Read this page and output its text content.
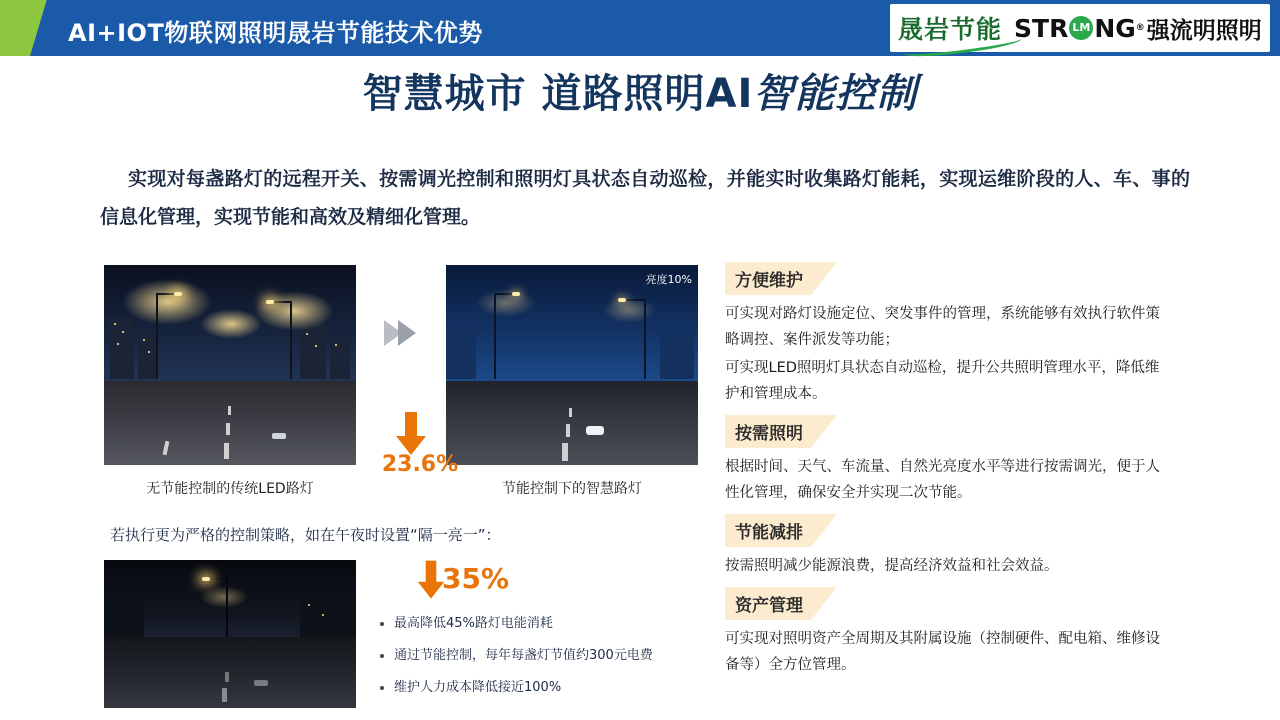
AI+IOT物联网照明晟岩节能技术优势	晟岩节能 STR LM NG ® 强流明照明
智慧城市 道路照明AI智能控制
实现对每盏路灯的远程开关、按需调光控制和照明灯具状态自动巡检，并能实时收集路灯能耗，实现运维阶段的人、车、事的信息化管理，实现节能和高效及精细化管理。
亮度10%
23.6%
无节能控制的传统LED路灯	节能控制下的智慧路灯
若执行更为严格的控制策略，如在午夜时设置“隔一亮一”：
35%
最高降低45%路灯电能消耗
通过节能控制，每年每盏灯节值约300元电费
维护人力成本降低接近100%
方便维护

可实现对路灯设施定位、突发事件的管理，系统能够有效执行软件策略调控、案件派发等功能；

可实现LED照明灯具状态自动巡检，提升公共照明管理水平，降低维护和管理成本。

按需照明

根据时间、天气、车流量、自然光亮度水平等进行按需调光，便于人性化管理，确保安全并实现二次节能。

节能减排

按需照明减少能源浪费，提高经济效益和社会效益。

资产管理

可实现对照明资产全周期及其附属设施（控制硬件、配电箱、维修设备等）全方位管理。
